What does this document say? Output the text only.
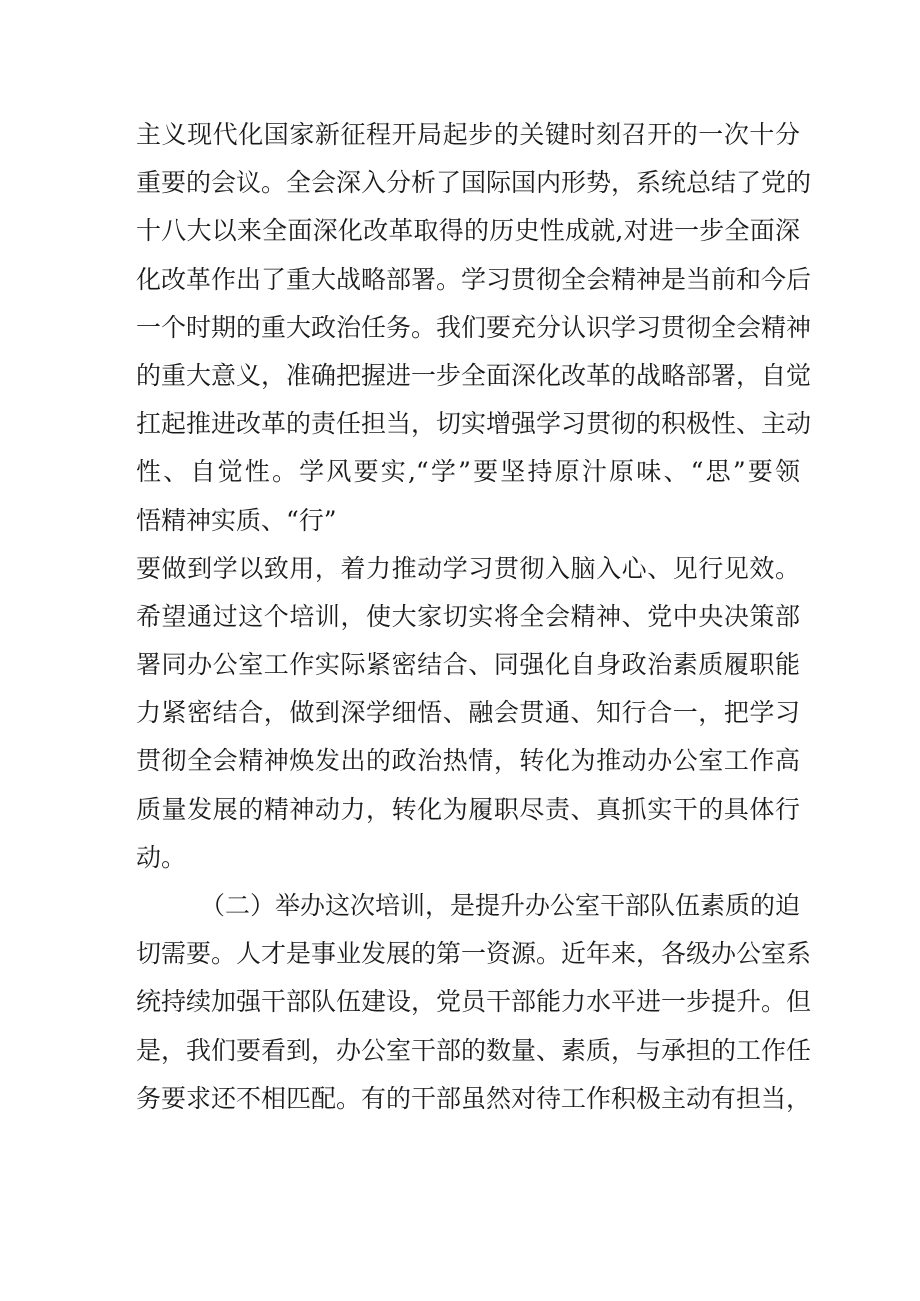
主义现代化国家新征程开局起步的关键时刻召开的一次十分
重要的会议。全会深入分析了国际国内形势，系统总结了党的
十八大以来全面深化改革取得的历史性成就,对进一步全面深
化改革作出了重大战略部署。学习贯彻全会精神是当前和今后
一个时期的重大政治任务。我们要充分认识学习贯彻全会精神
的重大意义，准确把握进一步全面深化改革的战略部署，自觉
扛起推进改革的责任担当，切实增强学习贯彻的积极性、主动
性、自觉性。学风要实,“学”要坚持原汁原味、“思”要领
悟精神实质、“行”
要做到学以致用，着力推动学习贯彻入脑入心、见行见效。
希望通过这个培训，使大家切实将全会精神、党中央决策部
署同办公室工作实际紧密结合、同强化自身政治素质履职能
力紧密结合，做到深学细悟、融会贯通、知行合一，把学习
贯彻全会精神焕发出的政治热情，转化为推动办公室工作高
质量发展的精神动力，转化为履职尽责、真抓实干的具体行
动。
（二）举办这次培训，是提升办公室干部队伍素质的迫
切需要。人才是事业发展的第一资源。近年来，各级办公室系
统持续加强干部队伍建设，党员干部能力水平进一步提升。但
是，我们要看到，办公室干部的数量、素质，与承担的工作任
务要求还不相匹配。有的干部虽然对待工作积极主动有担当，
